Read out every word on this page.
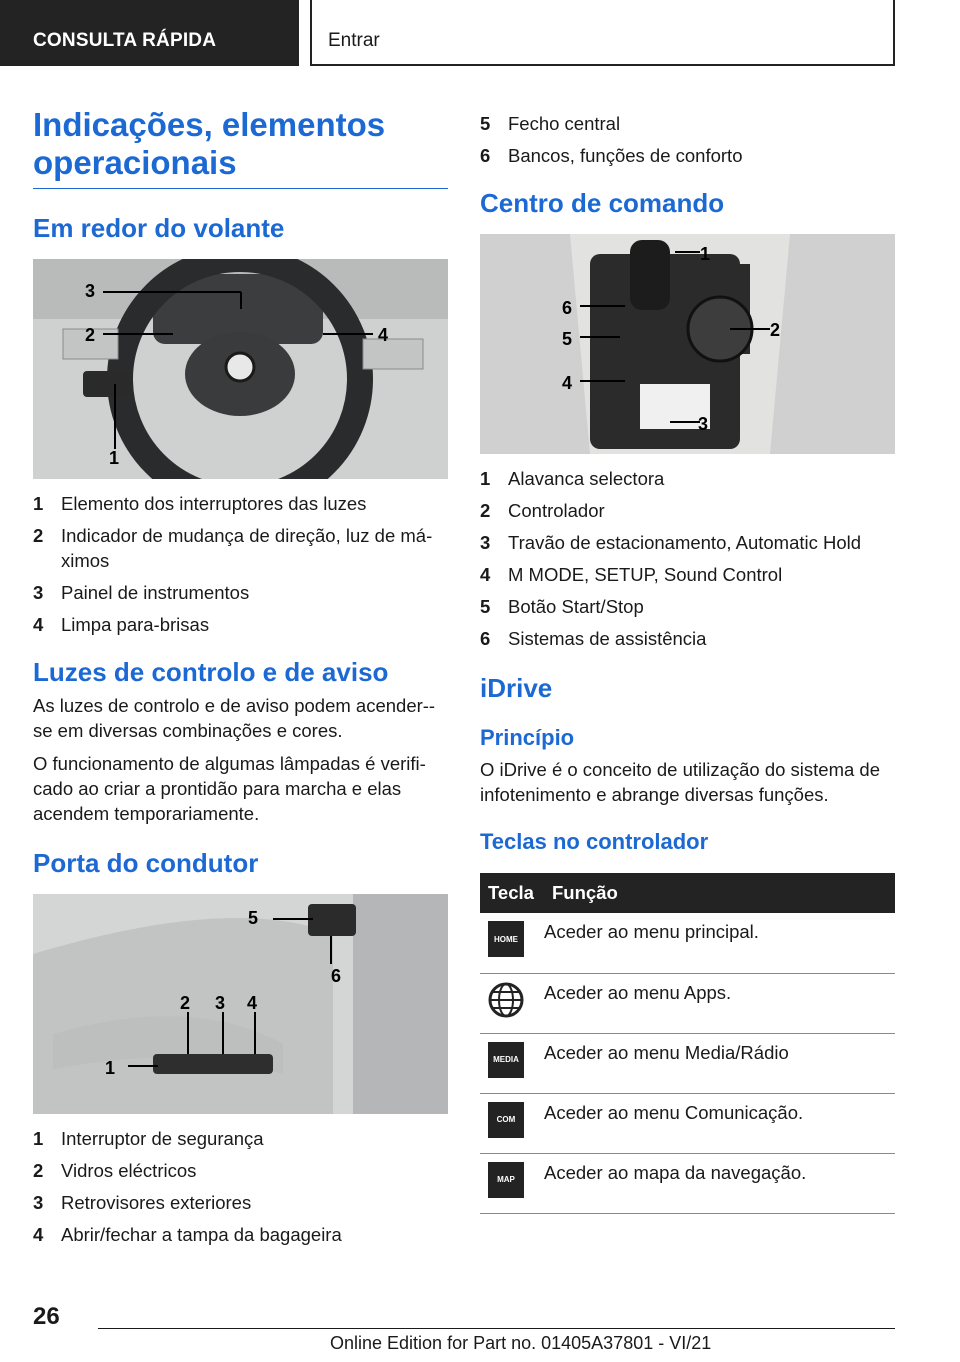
CONSULTA RÁPIDA	Entrar
Indicações, elementos operacionais
Em redor do volante
3
2	4
1
1 Elemento dos interruptores das luzes
2 Indicador de mudança de direção, luz de má-ximos
3 Painel de instrumentos
4 Limpa para-brisas
Luzes de controlo e de aviso

As luzes de controlo e de aviso podem acender--se em diversas combinações e cores.

O funcionamento de algumas lâmpadas é verifi-cado ao criar a prontidão para marcha e elas acendem temporariamente.

Porta do condutor
5
6
2 3 4
1
1 Interruptor de segurança
2 Vidros eléctricos
3 Retrovisores exteriores
4 Abrir/fechar a tampa da bagageira
5 Fecho central
6 Bancos, funções de conforto
Centro de comando
1
2
3
4
5
6
1 Alavanca selectora
2 Controlador
3 Travão de estacionamento, Automatic Hold
4 M MODE, SETUP, Sound Control
5 Botão Start/Stop
6 Sistemas de assistência
iDrive
Princípio

O iDrive é o conceito de utilização do sistema de infotenimento e abrange diversas funções.

Teclas no controlador
Tecla	Função

HOME	Aceder ao menu principal.

	Aceder ao menu Apps.

MEDIA	Aceder ao menu Media/Rádio

COM	Aceder ao menu Comunicação.

MAP	Aceder ao mapa da navegação.
26
Online Edition for Part no. 01405A37801 - VI/21
